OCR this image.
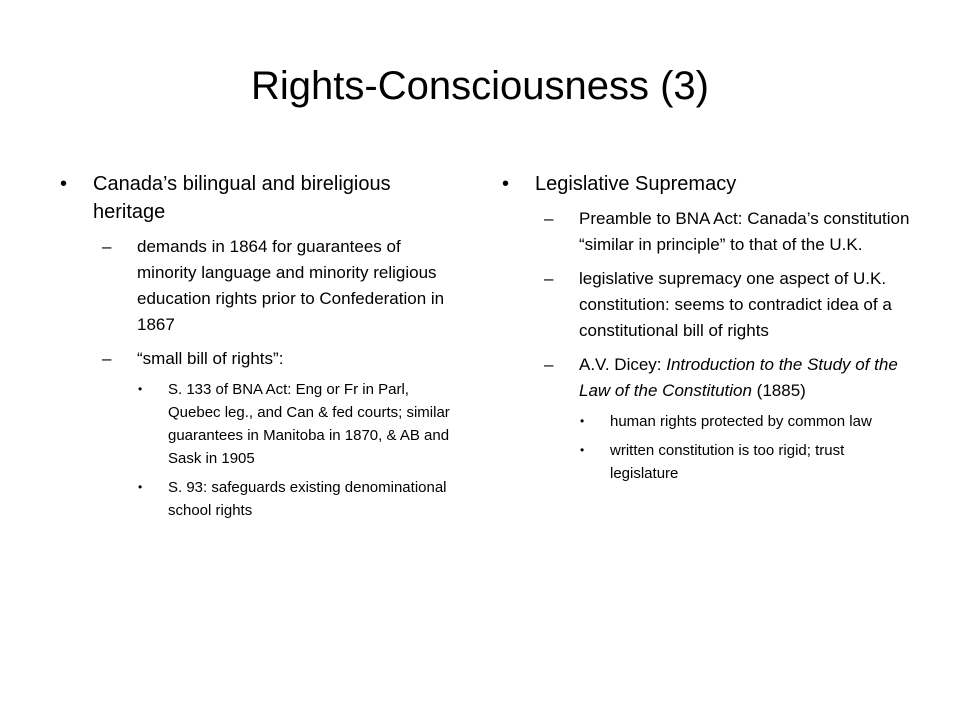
Rights-Consciousness (3)
• Canada’s bilingual and bireligious heritage
– demands in 1864 for guarantees of minority language and minority religious education rights prior to Confederation in 1867
– “small bill of rights”:
• S. 133 of BNA Act: Eng or Fr in Parl, Quebec leg., and Can & fed courts; similar guarantees in Manitoba in 1870, & AB and Sask in 1905
• S. 93: safeguards existing denominational school rights
• Legislative Supremacy
– Preamble to BNA Act: Canada’s constitution “similar in principle” to that of the U.K.
– legislative supremacy one aspect of U.K. constitution: seems to contradict idea of a constitutional bill of rights
– A.V. Dicey: Introduction to the Study of the Law of the Constitution (1885)
• human rights protected by common law
• written constitution is too rigid; trust legislature
